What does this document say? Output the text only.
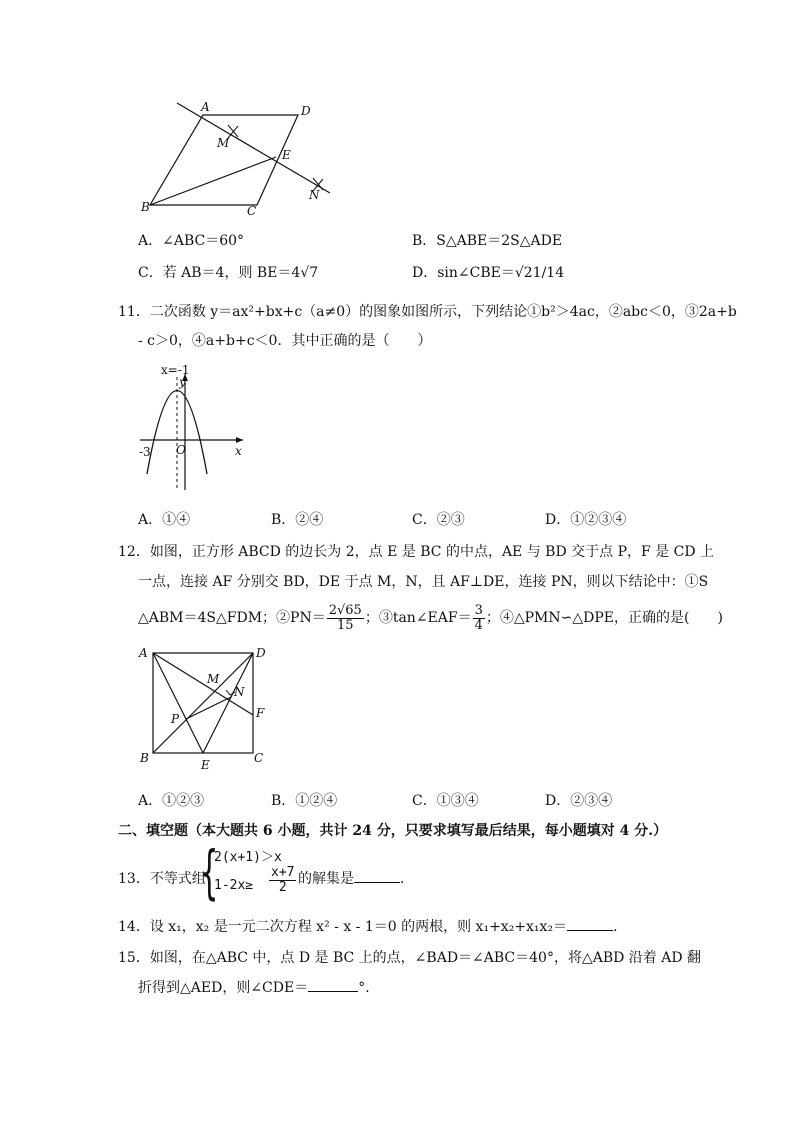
A	D
M
E
N
B	C
A．∠ABC＝60°	B．S△ABE＝2S△ADE
C．若 AB＝4，则 BE＝4√7	D．sin∠CBE＝√21/14
11．二次函数 y＝ax²+bx+c（a≠0）的图象如图所示，下列结论①b²＞4ac，②abc＜0，③2a+b
- c＞0，④a+b+c＜0．其中正确的是（　　）
x=-1
y
x
O
-3
A．①④	B．②④	C．②③	D．①②③④
12．如图，正方形 ABCD 的边长为 2，点 E 是 BC 的中点，AE 与 BD 交于点 P，F 是 CD 上
一点，连接 AF 分别交 BD，DE 于点 M，N，且 AF⊥DE，连接 PN，则以下结论中：①S
△ABM＝4S△FDM；②PN＝ $\frac{2√65}{15}$ ；③tan∠EAF＝ $\frac{3}{4}$ ；④△PMN∽△DPE，正确的是(　　)
A	D
M
N
P	F
B	E	C
A．①②③	B．①②④	C．①③④	D．②③④
二、填空题（本大题共 6 小题，共计 24 分，只要求填写最后结果，每小题填对 4 分.）
13．不等式组
{
2(x+1)＞x
$1-2x\ge \frac{x+7}{2}$ 的解集是	．
14．设 x₁，x₂ 是一元二次方程 x² - x - 1＝0 的两根，则 x₁+x₂+x₁x₂＝	．
15．如图，在△ABC 中，点 D 是 BC 上的点，∠BAD＝∠ABC＝40°，将△ABD 沿着 AD 翻
折得到△AED，则∠CDE＝	°．
